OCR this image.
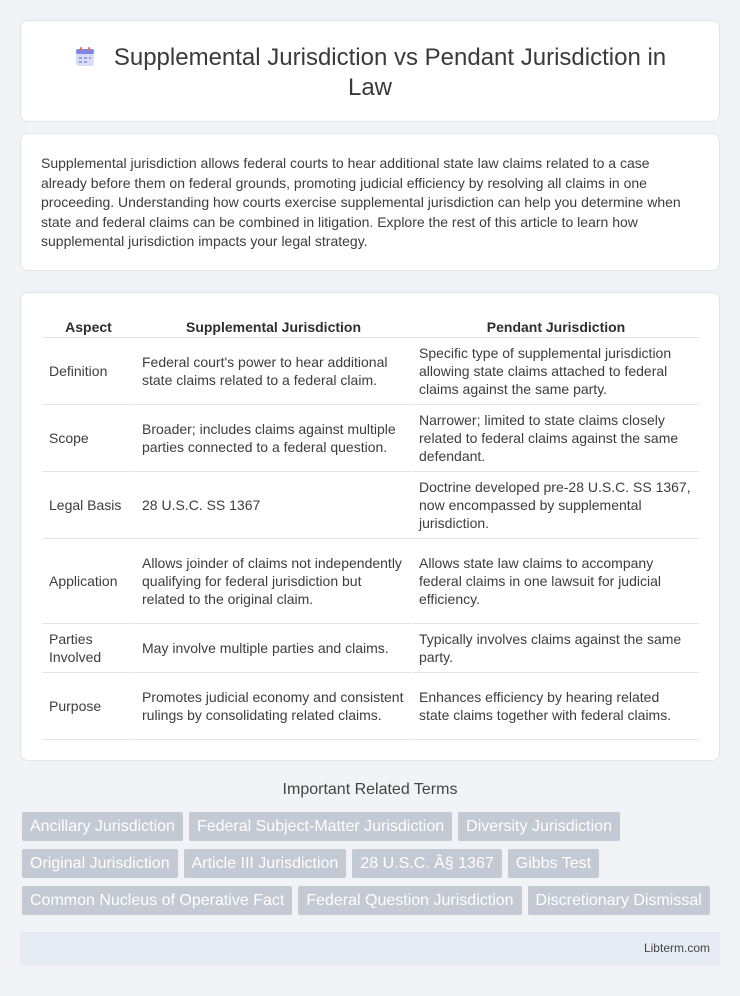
Supplemental Jurisdiction vs Pendant Jurisdiction in Law

Supplemental jurisdiction allows federal courts to hear additional state law claims related to a case already before them on federal grounds, promoting judicial efficiency by resolving all claims in one proceeding. Understanding how courts exercise supplemental jurisdiction can help you determine when state and federal claims can be combined in litigation. Explore the rest of this article to learn how supplemental jurisdiction impacts your legal strategy.

Aspect	Supplemental Jurisdiction	Pendant Jurisdiction
Definition	Federal court's power to hear additional state claims related to a federal claim.	Specific type of supplemental jurisdiction allowing state claims attached to federal claims against the same party.
Scope	Broader; includes claims against multiple parties connected to a federal question.	Narrower; limited to state claims closely related to federal claims against the same defendant.
Legal Basis	28 U.S.C. SS 1367	Doctrine developed pre-28 U.S.C. SS 1367, now encompassed by supplemental jurisdiction.
Application	Allows joinder of claims not independently qualifying for federal jurisdiction but related to the original claim.	Allows state law claims to accompany federal claims in one lawsuit for judicial efficiency.
Parties Involved	May involve multiple parties and claims.	Typically involves claims against the same party.
Purpose	Promotes judicial economy and consistent rulings by consolidating related claims.	Enhances efficiency by hearing related state claims together with federal claims.
Important Related Terms
Ancillary Jurisdiction	Federal Subject-Matter Jurisdiction	Diversity Jurisdiction
Original Jurisdiction	Article III Jurisdiction	28 U.S.C. Â§ 1367	Gibbs Test
Common Nucleus of Operative Fact	Federal Question Jurisdiction	Discretionary Dismissal
Libterm.com
